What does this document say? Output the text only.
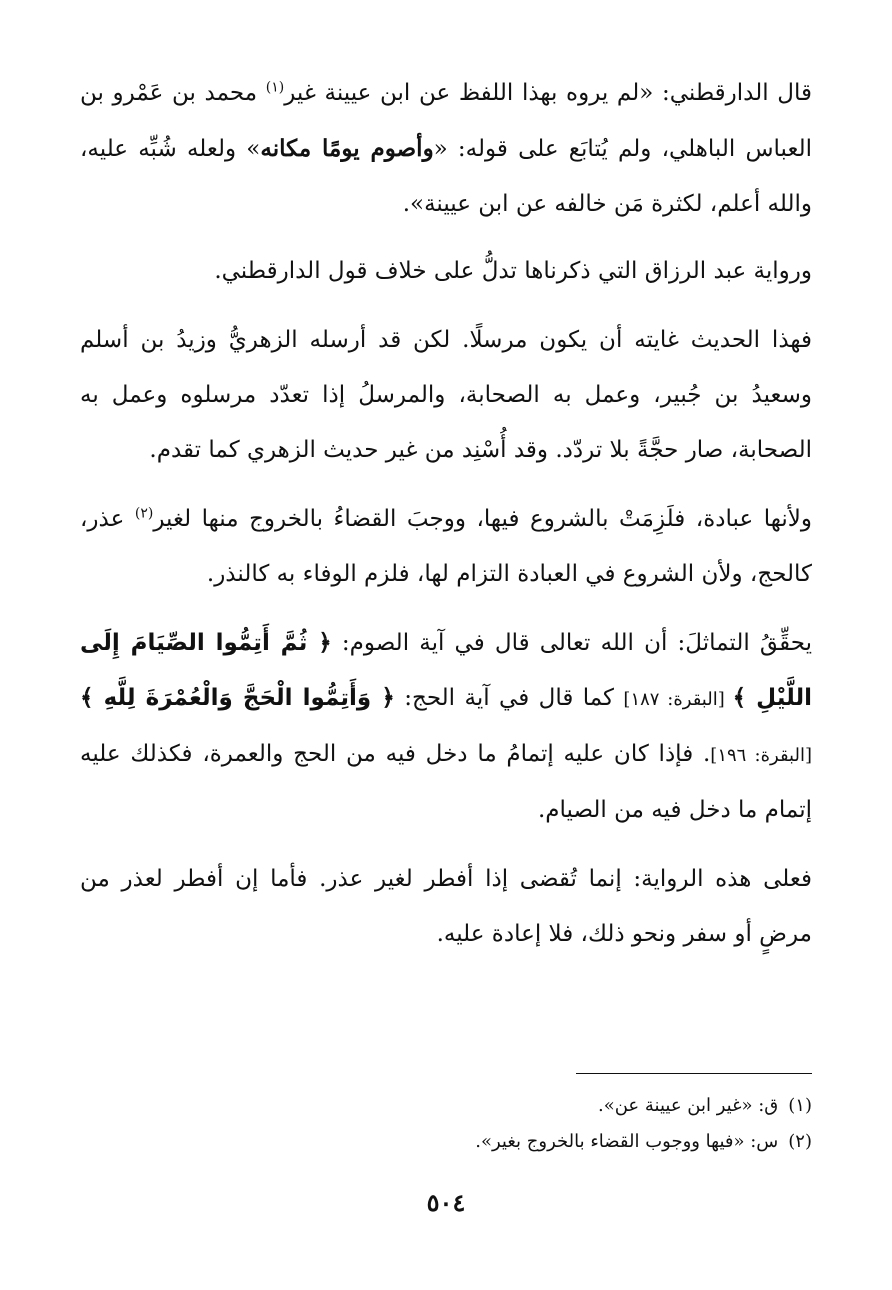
قال الدارقطني: «لم يروه بهذا اللفظ عن ابن عيينة غير$^{(١)}$ محمد بن عَمْرو بن العباس الباهلي، ولم يُتابَع على قوله: «وأصوم يومًا مكانه» ولعله شُبِّه عليه، والله أعلم، لكثرة مَن خالفه عن ابن عيينة».

ورواية عبد الرزاق التي ذكرناها تدلُّ على خلاف قول الدارقطني.

فهذا الحديث غايته أن يكون مرسلًا. لكن قد أرسله الزهريُّ وزيدُ بن أسلم وسعيدُ بن جُبير، وعمل به الصحابة، والمرسلُ إذا تعدّد مرسلوه وعمل به الصحابة، صار حجَّةً بلا تردّد. وقد أُسْنِد من غير حديث الزهري كما تقدم.

ولأنها عبادة، فلَزِمَتْ بالشروع فيها، ووجبَ القضاءُ بالخروج منها لغير$^{(٢)}$ عذر، كالحج، ولأن الشروع في العبادة التزام لها، فلزم الوفاء به كالنذر.

يحقِّقُ التماثلَ: أن الله تعالى قال في آية الصوم: ﴿ ثُمَّ أَتِمُّوا الصِّيَامَ إِلَى اللَّيْلِ ﴾ [البقرة: ١٨٧] كما قال في آية الحج: ﴿ وَأَتِمُّوا الْحَجَّ وَالْعُمْرَةَ لِلَّهِ ﴾ [البقرة: ١٩٦]. فإذا كان عليه إتمامُ ما دخل فيه من الحج والعمرة، فكذلك عليه إتمام ما دخل فيه من الصيام.

فعلى هذه الرواية: إنما تُقضى إذا أفطر لغير عذر. فأما إن أفطر لعذر من مرضٍ أو سفر ونحو ذلك، فلا إعادة عليه.

(١)ق: «غير ابن عيينة عن».
(٢)س: «فيها ووجوب القضاء بالخروج بغير».
٥٠٤
